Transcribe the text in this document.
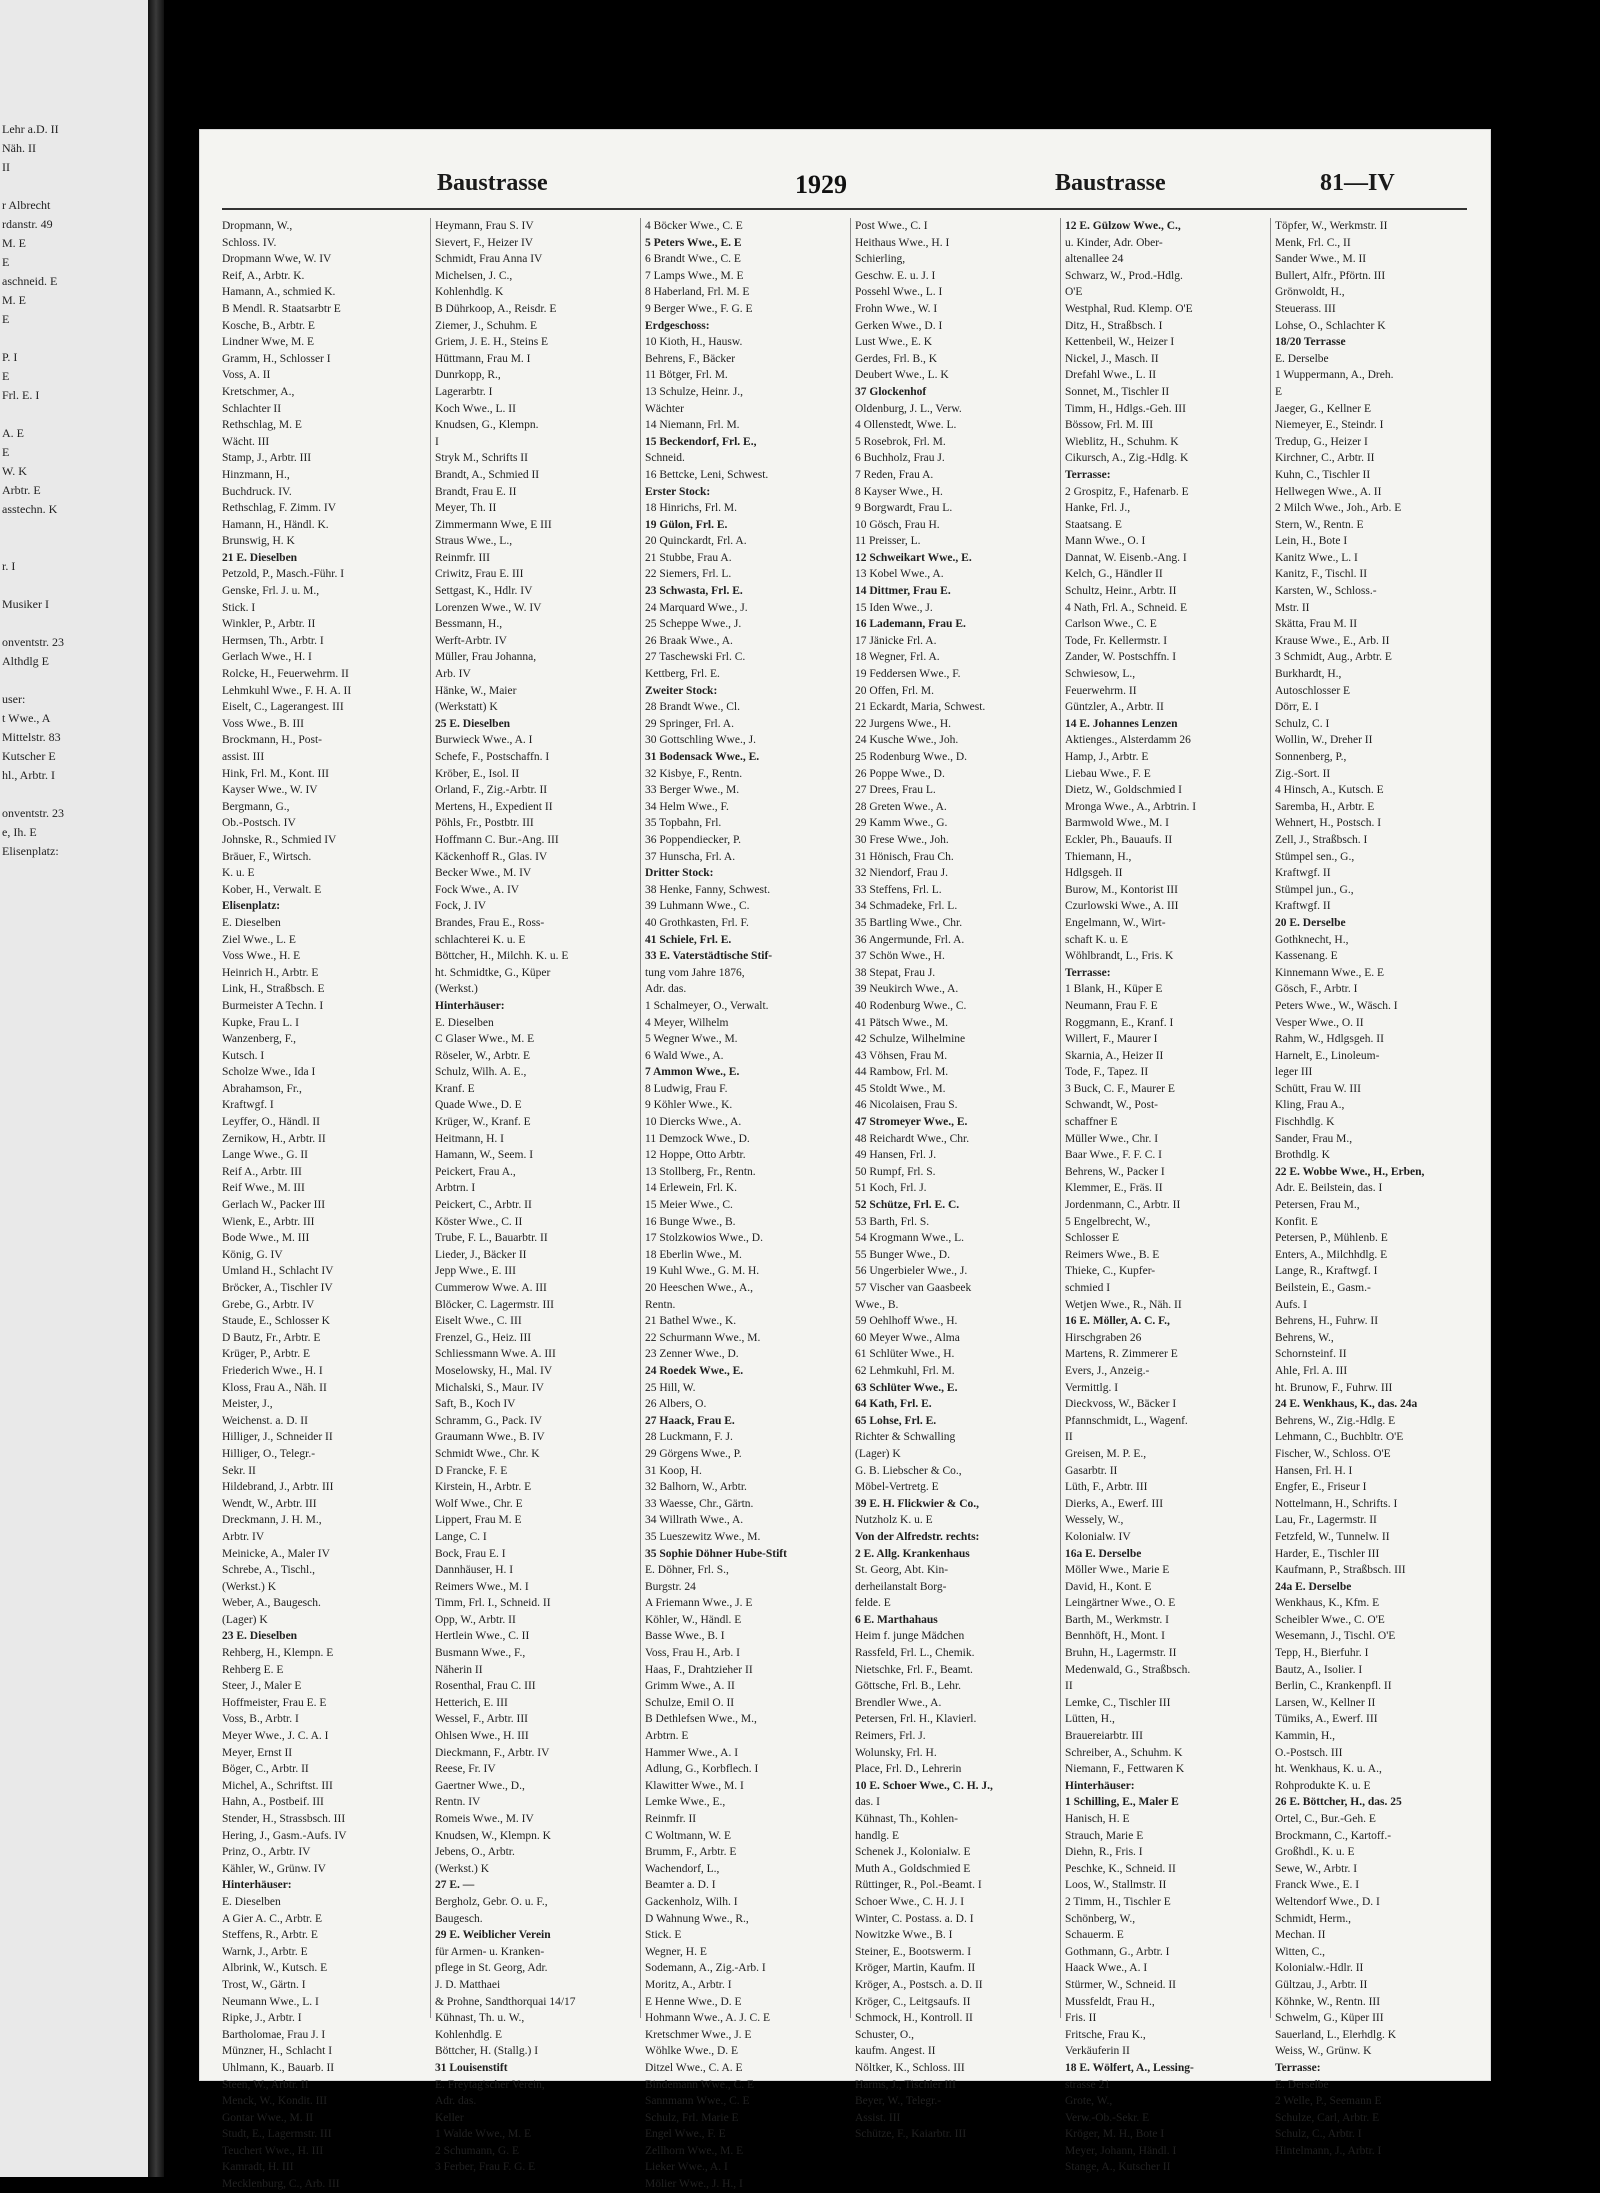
Lehr a.D. II
Näh. II
II

r Albrecht
rdanstr. 49
M. E
E
aschneid. E
M. E
E

P. I
E
Frl. E. I

A. E
E
W. K
Arbtr. E
asstechn. K

r. I

Musiker I

onventstr. 23
Althdlg E

user:
t Wwe., A
Mittelstr. 83
Kutscher E
hl., Arbtr. I

onventstr. 23
e, Ih. E
Elisenplatz:
Baustrasse	1929	Baustrasse	81—IV
Dropmann, W.,
Schloss. IV.
Dropmann Wwe, W. IV
Reif, A., Arbtr. K.
Hamann, A., schmied K.
B Mendl. R. Staatsarbtr E
Kosche, B., Arbtr. E
Lindner Wwe, M. E
Gramm, H., Schlosser I
Voss, A. II
Kretschmer, A.,
Schlachter II
Rethschlag, M. E
Wächt. III
Stamp, J., Arbtr. III
Hinzmann, H.,
Buchdruck. IV.
Rethschlag, F. Zimm. IV
Hamann, H., Händl. K.
Brunswig, H. K
21 E. Dieselben
Petzold, P., Masch.-Führ. I
Genske, Frl. J. u. M.,
Stick. I
Winkler, P., Arbtr. II
Hermsen, Th., Arbtr. I
Gerlach Wwe., H. I
Rolcke, H., Feuerwehrm. II
Lehmkuhl Wwe., F. H. A. II
Eiselt, C., Lagerangest. III
Voss Wwe., B. III
Brockmann, H., Post-
assist. III
Hink, Frl. M., Kont. III
Kayser Wwe., W. IV
Bergmann, G.,
Ob.-Postsch. IV
Johnske, R., Schmied IV
Bräuer, F., Wirtsch.
K. u. E
Kober, H., Verwalt. E
Elisenplatz:
E. Dieselben
Ziel Wwe., L. E
Voss Wwe., H. E
Heinrich H., Arbtr. E
Link, H., Straßbsch. E
Burmeister A Techn. I
Kupke, Frau L. I
Wanzenberg, F.,
Kutsch. I
Scholze Wwe., Ida I
Abrahamson, Fr.,
Kraftwgf. I
Leyffer, O., Händl. II
Zernikow, H., Arbtr. II
Lange Wwe., G. II
Reif A., Arbtr. III
Reif Wwe., M. III
Gerlach W., Packer III
Wienk, E., Arbtr. III
Bode Wwe., M. III
König, G. IV
Umland H., Schlacht IV
Bröcker, A., Tischler IV
Grebe, G., Arbtr. IV
Staude, E., Schlosser K
D Bautz, Fr., Arbtr. E
Krüger, P., Arbtr. E
Friederich Wwe., H. I
Kloss, Frau A., Näh. II
Meister, J.,
Weichenst. a. D. II
Hilliger, J., Schneider II
Hilliger, O., Telegr.-
Sekr. II
Hildebrand, J., Arbtr. III
Wendt, W., Arbtr. III
Dreckmann, J. H. M.,
Arbtr. IV
Meinicke, A., Maler IV
Schrebe, A., Tischl.,
(Werkst.) K
Weber, A., Baugesch.
(Lager) K
23 E. Dieselben
Rehberg, H., Klempn. E
Rehberg E. E
Steer, J., Maler E
Hoffmeister, Frau E. E
Voss, B., Arbtr. I
Meyer Wwe., J. C. A. I
Meyer, Ernst II
Böger, C., Arbtr. II
Michel, A., Schriftst. III
Hahn, A., Postbeif. III
Stender, H., Strassbsch. III
Hering, J., Gasm.-Aufs. IV
Prinz, O., Arbtr. IV
Kähler, W., Grünw. IV
Hinterhäuser:
E. Dieselben
A Gier A. C., Arbtr. E
Steffens, R., Arbtr. E
Warnk, J., Arbtr. E
Albrink, W., Kutsch. E
Trost, W., Gärtn. I
Neumann Wwe., L. I
Ripke, J., Arbtr. I
Bartholomae, Frau J. I
Münzner, H., Schlacht I
Uhlmann, K., Bauarb. II
Steen, W., Arbtr. II
Menck, W., Kondit. III
Gontar Wwe., M. II
Studt, E., Lagermstr. III
Teuchert Wwe., H. III
Kamradt, H. III
Mecklenburg, C., Arb. III
Heymann, Frau S. IV
Sievert, F., Heizer IV
Schmidt, Frau Anna IV
Michelsen, J. C.,
Kohlenhdlg. K
B Dührkoop, A., Reisdr. E
Ziemer, J., Schuhm. E
Griem, J. E. H., Steins E
Hüttmann, Frau M. I
Dunrkopp, R.,
Lagerarbtr. I
Koch Wwe., L. II
Knudsen, G., Klempn.
I
Stryk M., Schrifts II
Brandt, A., Schmied II
Brandt, Frau E. II
Meyer, Th. II
Zimmermann Wwe, E III
Straus Wwe., L.,
Reinmfr. III
Criwitz, Frau E. III
Settgast, K., Hdlr. IV
Lorenzen Wwe., W. IV
Bessmann, H.,
Werft-Arbtr. IV
Müller, Frau Johanna,
Arb. IV
Hänke, W., Maier
(Werkstatt) K
25 E. Dieselben
Burwieck Wwe., A. I
Schefe, F., Postschaffn. I
Kröber, E., Isol. II
Orland, F., Zig.-Arbtr. II
Mertens, H., Expedient II
Pöhls, Fr., Postbtr. III
Hoffmann C. Bur.-Ang. III
Käckenhoff R., Glas. IV
Becker Wwe., M. IV
Fock Wwe., A. IV
Fock, J. IV
Brandes, Frau E., Ross-
schlachterei K. u. E
Böttcher, H., Milchh. K. u. E
ht. Schmidtke, G., Küper
(Werkst.)
Hinterhäuser:
E. Dieselben
C Glaser Wwe., M. E
Röseler, W., Arbtr. E
Schulz, Wilh. A. E.,
Kranf. E
Quade Wwe., D. E
Krüger, W., Kranf. E
Heitmann, H. I
Hamann, W., Seem. I
Peickert, Frau A.,
Arbtrn. I
Peickert, C., Arbtr. II
Köster Wwe., C. II
Trube, F. L., Bauarbtr. II
Lieder, J., Bäcker II
Jepp Wwe., E. III
Cummerow Wwe. A. III
Blöcker, C. Lagermstr. III
Eiselt Wwe., C. III
Frenzel, G., Heiz. III
Schliessmann Wwe. A. III
Moselowsky, H., Mal. IV
Michalski, S., Maur. IV
Saft, B., Koch IV
Schramm, G., Pack. IV
Graumann Wwe., B. IV
Schmidt Wwe., Chr. K
D Francke, F. E
Kirstein, H., Arbtr. E
Wolf Wwe., Chr. E
Lippert, Frau M. E
Lange, C. I
Bock, Frau E. I
Dannhäuser, H. I
Reimers Wwe., M. I
Timm, Frl. I., Schneid. II
Opp, W., Arbtr. II
Hertlein Wwe., C. II
Busmann Wwe., F.,
Näherin II
Rosenthal, Frau C. III
Hetterich, E. III
Wessel, F., Arbtr. III
Ohlsen Wwe., H. III
Dieckmann, F., Arbtr. IV
Reese, Fr. IV
Gaertner Wwe., D.,
Rentn. IV
Romeis Wwe., M. IV
Knudsen, W., Klempn. K
Jebens, O., Arbtr.
(Werkst.) K
27 E. —
Bergholz, Gebr. O. u. F.,
Baugesch.
29 E. Weiblicher Verein
für Armen- u. Kranken-
pflege in St. Georg, Adr.
J. D. Matthaei
& Prohne, Sandthorquai 14/17
Kühnast, Th. u. W.,
Kohlenhdlg. E
Böttcher, H. (Stallg.) I
31 Louisenstift
E. Freytag'scher Verein,
Adr. das.
Keller
1 Walde Wwe., M. E
2 Schumann, G. E
3 Ferber, Frau F. G. E
4 Böcker Wwe., C. E
5 Peters Wwe., E. E
6 Brandt Wwe., C. E
7 Lamps Wwe., M. E
8 Haberland, Frl. M. E
9 Berger Wwe., F. G. E
Erdgeschoss:
10 Kioth, H., Hausw.
Behrens, F., Bäcker
11 Bötger, Frl. M.
13 Schulze, Heinr. J.,
Wächter
14 Niemann, Frl. M.
15 Beckendorf, Frl. E.,
Schneid.
16 Bettcke, Leni, Schwest.
Erster Stock:
18 Hinrichs, Frl. M.
19 Gülon, Frl. E.
20 Quinckardt, Frl. A.
21 Stubbe, Frau A.
22 Siemers, Frl. L.
23 Schwasta, Frl. E.
24 Marquard Wwe., J.
25 Scheppe Wwe., J.
26 Braak Wwe., A.
27 Taschewski Frl. C.
Kettberg, Frl. E.
Zweiter Stock:
28 Brandt Wwe., Cl.
29 Springer, Frl. A.
30 Gottschling Wwe., J.
31 Bodensack Wwe., E.
32 Kisbye, F., Rentn.
33 Berger Wwe., M.
34 Helm Wwe., F.
35 Topbahn, Frl.
36 Poppendiecker, P.
37 Hunscha, Frl. A.
Dritter Stock:
38 Henke, Fanny, Schwest.
39 Luhmann Wwe., C.
40 Grothkasten, Frl. F.
41 Schiele, Frl. E.
33 E. Vaterstädtische Stif-
tung vom Jahre 1876,
Adr. das.
1 Schalmeyer, O., Verwalt.
4 Meyer, Wilhelm
5 Wegner Wwe., M.
6 Wald Wwe., A.
7 Ammon Wwe., E.
8 Ludwig, Frau F.
9 Köhler Wwe., K.
10 Diercks Wwe., A.
11 Demzock Wwe., D.
12 Hoppe, Otto Arbtr.
13 Stollberg, Fr., Rentn.
14 Erlewein, Frl. K.
15 Meier Wwe., C.
16 Bunge Wwe., B.
17 Stolzkowios Wwe., D.
18 Eberlin Wwe., M.
19 Kuhl Wwe., G. M. H.
20 Heeschen Wwe., A.,
Rentn.
21 Bathel Wwe., K.
22 Schurmann Wwe., M.
23 Zenner Wwe., D.
24 Roedek Wwe., E.
25 Hill, W.
26 Albers, O.
27 Haack, Frau E.
28 Luckmann, F. J.
29 Görgens Wwe., P.
31 Koop, H.
32 Balhorn, W., Arbtr.
33 Waesse, Chr., Gärtn.
34 Willrath Wwe., A.
35 Lueszewitz Wwe., M.
35 Sophie Döhner Hube-Stift
E. Döhner, Frl. S.,
Burgstr. 24
A Friemann Wwe., J. E
Köhler, W., Händl. E
Basse Wwe., B. I
Voss, Frau H., Arb. I
Haas, F., Drahtzieher II
Grimm Wwe., A. II
Schulze, Emil O. II
B Dethlefsen Wwe., M.,
Arbtrn. E
Hammer Wwe., A. I
Adlung, G., Korbflech. I
Klawitter Wwe., M. I
Lemke Wwe., E.,
Reinmfr. II
C Woltmann, W. E
Brumm, F., Arbtr. E
Wachendorf, L.,
Beamter a. D. I
Gackenholz, Wilh. I
D Wahnung Wwe., R.,
Stick. E
Wegner, H. E
Sodemann, A., Zig.-Arb. I
Moritz, A., Arbtr. I
E Henne Wwe., D. E
Hohmann Wwe., A. J. C. E
Kretschmer Wwe., J. E
Wöhlke Wwe., D. E
Ditzel Wwe., C. A. E
Bindemann Wwe., C. E
Sannmann Wwe., C. E
Schulz, Frl. Marie E
Engel Wwe., F. E
Zellhorn Wwe., M. E
Lieker Wwe., A. I
Mölier Wwe., J. H., I
Post Wwe., C. I
Heithaus Wwe., H. I
Schierling,
Geschw. E. u. J. I
Possehl Wwe., L. I
Frohn Wwe., W. I
Gerken Wwe., D. I
Lust Wwe., E. K
Gerdes, Frl. B., K
Deubert Wwe., L. K
37 Glockenhof
Oldenburg, J. L., Verw.
4 Ollenstedt, Wwe. L.
5 Rosebrok, Frl. M.
6 Buchholz, Frau J.
7 Reden, Frau A.
8 Kayser Wwe., H.
9 Borgwardt, Frau L.
10 Gösch, Frau H.
11 Preisser, L.
12 Schweikart Wwe., E.
13 Kobel Wwe., A.
14 Dittmer, Frau E.
15 Iden Wwe., J.
16 Lademann, Frau E.
17 Jänicke Frl. A.
18 Wegner, Frl. A.
19 Feddersen Wwe., F.
20 Offen, Frl. M.
21 Eckardt, Maria, Schwest.
22 Jurgens Wwe., H.
24 Kusche Wwe., Joh.
25 Rodenburg Wwe., D.
26 Poppe Wwe., D.
27 Drees, Frau L.
28 Greten Wwe., A.
29 Kamm Wwe., G.
30 Frese Wwe., Joh.
31 Hönisch, Frau Ch.
32 Niendorf, Frau J.
33 Steffens, Frl. L.
34 Schmadeke, Frl. L.
35 Bartling Wwe., Chr.
36 Angermunde, Frl. A.
37 Schön Wwe., H.
38 Stepat, Frau J.
39 Neukirch Wwe., A.
40 Rodenburg Wwe., C.
41 Pätsch Wwe., M.
42 Schulze, Wilhelmine
43 Vöhsen, Frau M.
44 Rambow, Frl. M.
45 Stoldt Wwe., M.
46 Nicolaisen, Frau S.
47 Stromeyer Wwe., E.
48 Reichardt Wwe., Chr.
49 Hansen, Frl. J.
50 Rumpf, Frl. S.
51 Koch, Frl. J.
52 Schütze, Frl. E. C.
53 Barth, Frl. S.
54 Krogmann Wwe., L.
55 Bunger Wwe., D.
56 Ungerbieler Wwe., J.
57 Vischer van Gaasbeek
Wwe., B.
59 Oehlhoff Wwe., H.
60 Meyer Wwe., Alma
61 Schlüter Wwe., H.
62 Lehmkuhl, Frl. M.
63 Schlüter Wwe., E.
64 Kath, Frl. E.
65 Lohse, Frl. E.
Richter & Schwalling
(Lager) K
G. B. Liebscher & Co.,
Möbel-Vertretg. E
39 E. H. Flickwier & Co.,
Nutzholz K. u. E
Von der Alfredstr. rechts:
2 E. Allg. Krankenhaus
St. Georg, Abt. Kin-
derheilanstalt Borg-
felde. E
6 E. Marthahaus
Heim f. junge Mädchen
Rassfeld, Frl. L., Chemik.
Nietschke, Frl. F., Beamt.
Göttsche, Frl. B., Lehr.
Brendler Wwe., A.
Petersen, Frl. H., Klavierl.
Reimers, Frl. J.
Wolunsky, Frl. H.
Place, Frl. D., Lehrerin
10 E. Schoer Wwe., C. H. J.,
das. I
Kühnast, Th., Kohlen-
handlg. E
Schenek J., Kolonialw. E
Muth A., Goldschmied E
Rüttinger, R., Pol.-Beamt. I
Schoer Wwe., C. H. J. I
Winter, C. Postass. a. D. I
Nowitzke Wwe., B. I
Steiner, E., Bootswerm. I
Kröger, Martin, Kaufm. II
Kröger, A., Postsch. a. D. II
Kröger, C., Leitgsaufs. II
Schmock, H., Kontroll. II
Schuster, O.,
kaufm. Angest. II
Nöltker, K., Schloss. III
Harms, J., Tischler III
Beyer, W., Telegr.-
Assist. III
Schütze, F., Kaiarbtr. III
12 E. Gülzow Wwe., C.,
u. Kinder, Adr. Ober-
altenallee 24
Schwarz, W., Prod.-Hdlg.
O'E
Westphal, Rud. Klemp. O'E
Ditz, H., Straßbsch. I
Kettenbeil, W., Heizer I
Nickel, J., Masch. II
Drefahl Wwe., L. II
Sonnet, M., Tischler II
Timm, H., Hdlgs.-Geh. III
Bössow, Frl. M. III
Wieblitz, H., Schuhm. K
Cikursch, A., Zig.-Hdlg. K
Terrasse:
2 Grospitz, F., Hafenarb. E
Hanke, Frl. J.,
Staatsang. E
Mann Wwe., O. I
Dannat, W. Eisenb.-Ang. I
Kelch, G., Händler II
Schultz, Heinr., Arbtr. II
4 Nath, Frl. A., Schneid. E
Carlson Wwe., C. E
Tode, Fr. Kellermstr. I
Zander, W. Postschffn. I
Schwiesow, L.,
Feuerwehrm. II
Güntzler, A., Arbtr. II
14 E. Johannes Lenzen
Aktienges., Alsterdamm 26
Hamp, J., Arbtr. E
Liebau Wwe., F. E
Dietz, W., Goldschmied I
Mronga Wwe., A., Arbtrin. I
Barmwold Wwe., M. I
Eckler, Ph., Bauaufs. II
Thiemann, H.,
Hdlgsgeh. II
Burow, M., Kontorist III
Czurlowski Wwe., A. III
Engelmann, W., Wirt-
schaft K. u. E
Wöhlbrandt, L., Fris. K
Terrasse:
1 Blank, H., Küper E
Neumann, Frau F. E
Roggmann, E., Kranf. I
Willert, F., Maurer I
Skarnia, A., Heizer II
Tode, F., Tapez. II
3 Buck, C. F., Maurer E
Schwandt, W., Post-
schaffner E
Müller Wwe., Chr. I
Baar Wwe., F. F. C. I
Behrens, W., Packer I
Klemmer, E., Fräs. II
Jordenmann, C., Arbtr. II
5 Engelbrecht, W.,
Schlosser E
Reimers Wwe., B. E
Thieke, C., Kupfer-
schmied I
Wetjen Wwe., R., Näh. II
16 E. Möller, A. C. F.,
Hirschgraben 26
Martens, R. Zimmerer E
Evers, J., Anzeig.-
Vermittlg. I
Dieckvoss, W., Bäcker I
Pfannschmidt, L., Wagenf.
II
Greisen, M. P. E.,
Gasarbtr. II
Lüth, F., Arbtr. III
Dierks, A., Ewerf. III
Wessely, W.,
Kolonialw. IV
16a E. Derselbe
Möller Wwe., Marie E
David, H., Kont. E
Leingärtner Wwe., O. E
Barth, M., Werkmstr. I
Bennhöft, H., Mont. I
Bruhn, H., Lagermstr. II
Medenwald, G., Straßbsch.
II
Lemke, C., Tischler III
Lütten, H.,
Brauereiarbtr. III
Schreiber, A., Schuhm. K
Niemann, F., Fettwaren K
Hinterhäuser:
1 Schilling, E., Maler E
Hanisch, H. E
Strauch, Marie E
Diehn, R., Fris. I
Peschke, K., Schneid. II
Loos, W., Stallmstr. II
2 Timm, H., Tischler E
Schönberg, W.,
Schauerm. E
Gothmann, G., Arbtr. I
Haack Wwe., A. I
Stürmer, W., Schneid. II
Mussfeldt, Frau H.,
Fris. II
Fritsche, Frau K.,
Verkäuferin II
18 E. Wölfert, A., Lessing-
strasse 21
Grote, W.,
Verw.-Ob.-Sekr. E
Kröger, M. H., Bote I
Meyer, Johann, Händl. I
Stange, A., Kutscher II
Töpfer, W., Werkmstr. II
Menk, Frl. C., II
Sander Wwe., M. II
Bullert, Alfr., Pförtn. III
Grönwoldt, H.,
Steuerass. III
Lohse, O., Schlachter K
18/20 Terrasse
E. Derselbe
1 Wuppermann, A., Dreh.
E
Jaeger, G., Kellner E
Niemeyer, E., Steindr. I
Tredup, G., Heizer I
Kirchner, C., Arbtr. II
Kuhn, C., Tischler II
Hellwegen Wwe., A. II
2 Milch Wwe., Joh., Arb. E
Stern, W., Rentn. E
Lein, H., Bote I
Kanitz Wwe., L. I
Kanitz, F., Tischl. II
Karsten, W., Schloss.-
Mstr. II
Skätta, Frau M. II
Krause Wwe., E., Arb. II
3 Schmidt, Aug., Arbtr. E
Burkhardt, H.,
Autoschlosser E
Dörr, E. I
Schulz, C. I
Wollin, W., Dreher II
Sonnenberg, P.,
Zig.-Sort. II
4 Hinsch, A., Kutsch. E
Saremba, H., Arbtr. E
Wehnert, H., Postsch. I
Zell, J., Straßbsch. I
Stümpel sen., G.,
Kraftwgf. II
Stümpel jun., G.,
Kraftwgf. II
20 E. Derselbe
Gothknecht, H.,
Kassenang. E
Kinnemann Wwe., E. E
Gösch, F., Arbtr. I
Peters Wwe., W., Wäsch. I
Vesper Wwe., O. II
Rahm, W., Hdlgsgeh. II
Harnelt, E., Linoleum-
leger III
Schütt, Frau W. III
Kling, Frau A.,
Fischhdlg. K
Sander, Frau M.,
Brothdlg. K
22 E. Wobbe Wwe., H., Erben,
Adr. E. Beilstein, das. I
Petersen, Frau M.,
Konfit. E
Petersen, P., Mühlenb. E
Enters, A., Milchhdlg. E
Lange, R., Kraftwgf. I
Beilstein, E., Gasm.-
Aufs. I
Behrens, H., Fuhrw. II
Behrens, W.,
Schornsteinf. II
Ahle, Frl. A. III
ht. Brunow, F., Fuhrw. III
24 E. Wenkhaus, K., das. 24a
Behrens, W., Zig.-Hdlg. E
Lehmann, C., Buchbltr. O'E
Fischer, W., Schloss. O'E
Hansen, Frl. H. I
Engfer, E., Friseur I
Nottelmann, H., Schrifts. I
Lau, Fr., Lagermstr. II
Fetzfeld, W., Tunnelw. II
Harder, E., Tischler III
Kaufmann, P., Straßbsch. III
24a E. Derselbe
Wenkhaus, K., Kfm. E
Scheibler Wwe., C. O'E
Wesemann, J., Tischl. O'E
Tepp, H., Bierfuhr. I
Bautz, A., Isolier. I
Berlin, C., Krankenpfl. II
Larsen, W., Kellner II
Tümiks, A., Ewerf. III
Kammin, H.,
O.-Postsch. III
ht. Wenkhaus, K. u. A.,
Rohprodukte K. u. E
26 E. Böttcher, H., das. 25
Ortel, C., Bur.-Geh. E
Brockmann, C., Kartoff.-
Großhdl., K. u. E
Sewe, W., Arbtr. I
Franck Wwe., E. I
Weltendorf Wwe., D. I
Schmidt, Herm.,
Mechan. II
Witten, C.,
Kolonialw.-Hdlr. II
Gültzau, J., Arbtr. II
Köhnke, W., Rentn. III
Schwelm, G., Küper III
Sauerland, L., Elerhdlg. K
Weiss, W., Grünw. K
Terrasse:
E. Derselbe
2 Welle, P., Seemann E
Schulze, Carl, Arbtr. E
Schulz, C., Arbtr. I
Hintelmann, J., Arbtr. I
